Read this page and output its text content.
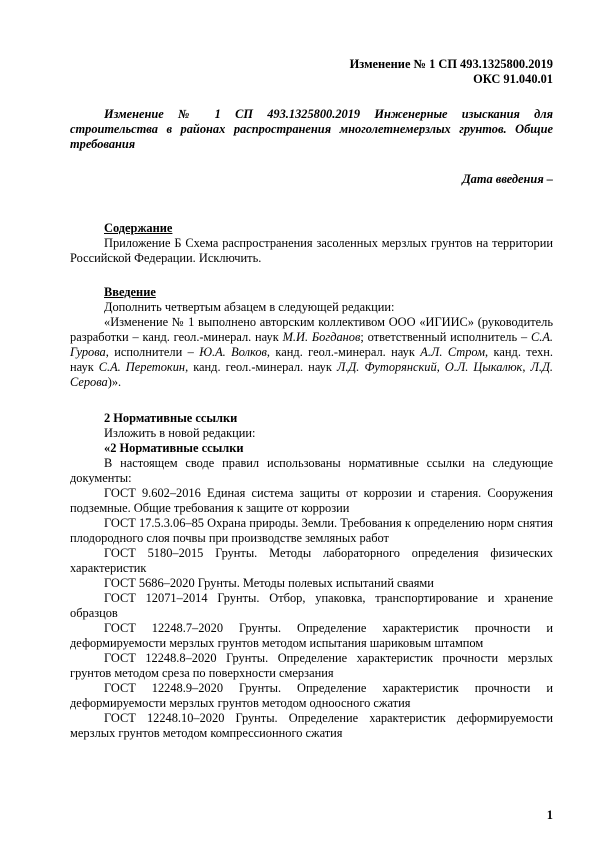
Изменение № 1 СП 493.1325800.2019

ОКС 91.040.01

Изменение № 1 СП 493.1325800.2019 Инженерные изыскания для строительства в районах распространения многолетнемерзлых грунтов. Общие требования

Дата введения –

Содержание

Приложение Б Схема распространения засоленных мерзлых грунтов на территории Российской Федерации. Исключить.

Введение

Дополнить четвертым абзацем в следующей редакции:

«Изменение № 1 выполнено авторским коллективом ООО «ИГИИС» (руководитель разработки – канд. геол.-минерал. наук М.И. Богданов; ответственный исполнитель – С.А. Гурова, исполнители – Ю.А. Волков, канд. геол.-минерал. наук А.Л. Стром, канд. техн. наук С.А. Перетокин, канд. геол.-минерал. наук Л.Д. Футорянский, О.Л. Цыкалюк, Л.Д. Серова)».

2 Нормативные ссылки

Изложить в новой редакции:

«2 Нормативные ссылки

В настоящем своде правил использованы нормативные ссылки на следующие документы:

ГОСТ 9.602–2016 Единая система защиты от коррозии и старения. Сооружения подземные. Общие требования к защите от коррозии

ГОСТ 17.5.3.06–85 Охрана природы. Земли. Требования к определению норм снятия плодородного слоя почвы при производстве земляных работ

ГОСТ 5180–2015 Грунты. Методы лабораторного определения физических характеристик

ГОСТ 5686–2020 Грунты. Методы полевых испытаний сваями

ГОСТ 12071–2014 Грунты. Отбор, упаковка, транспортирование и хранение образцов

ГОСТ 12248.7–2020 Грунты. Определение характеристик прочности и деформируемости мерзлых грунтов методом испытания шариковым штампом

ГОСТ 12248.8–2020 Грунты. Определение характеристик прочности мерзлых грунтов методом среза по поверхности смерзания

ГОСТ 12248.9–2020 Грунты. Определение характеристик прочности и деформируемости мерзлых грунтов методом одноосного сжатия

ГОСТ 12248.10–2020 Грунты. Определение характеристик деформируемости мерзлых грунтов методом компрессионного сжатия

1
